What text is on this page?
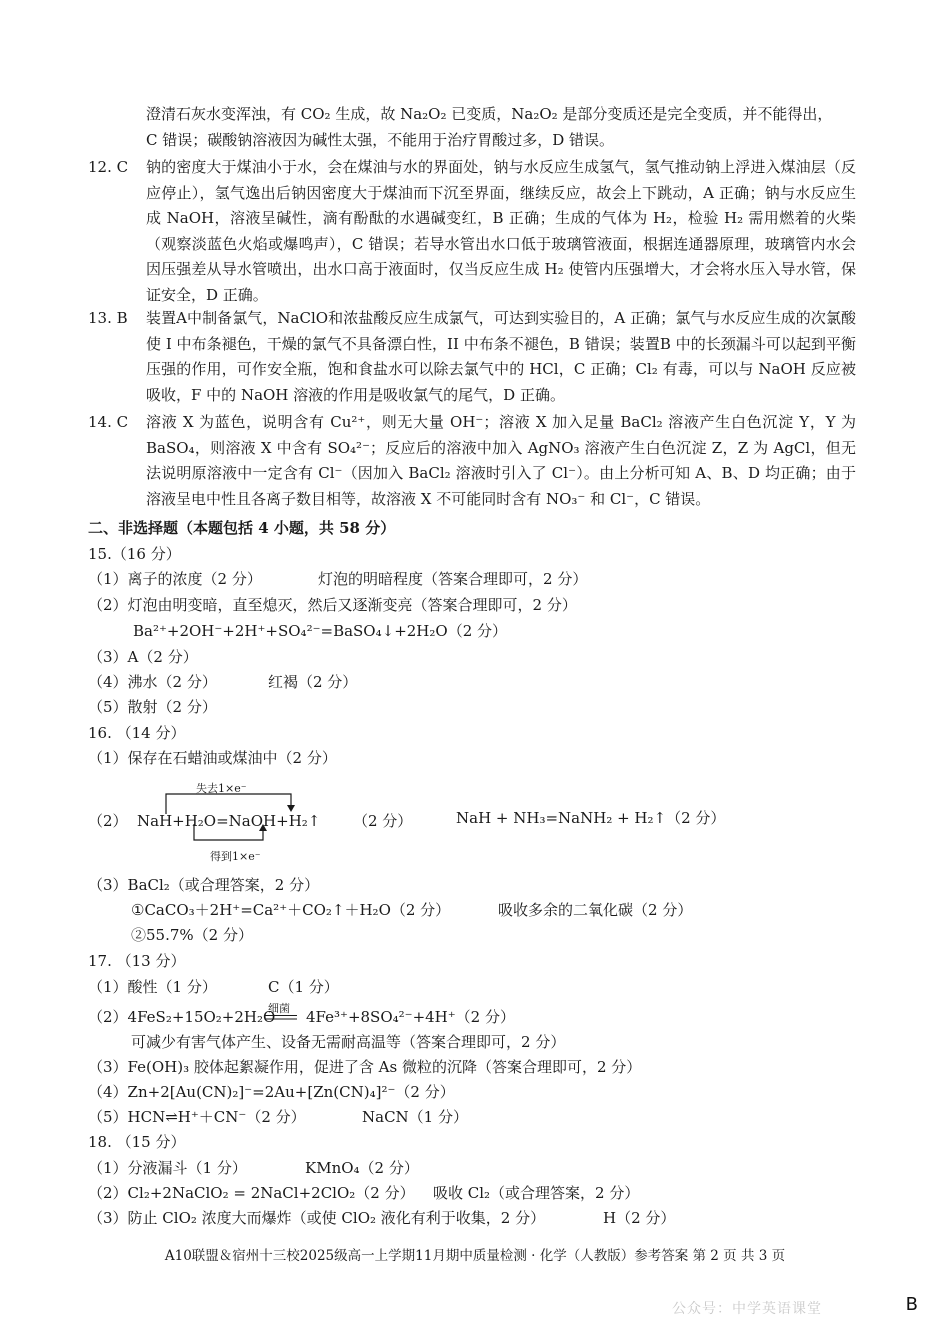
澄清石灰水变浑浊，有 CO₂ 生成，故 Na₂O₂ 已变质，Na₂O₂ 是部分变质还是完全变质，并不能得出，
C 错误；碳酸钠溶液因为碱性太强，不能用于治疗胃酸过多，D 错误。
12. C 钠的密度大于煤油小于水，会在煤油与水的界面处，钠与水反应生成氢气，氢气推动钠上浮进入煤油层（反应停止），氢气逸出后钠因密度大于煤油而下沉至界面，继续反应，故会上下跳动，A 正确；钠与水反应生成 NaOH，溶液呈碱性，滴有酚酞的水遇碱变红，B 正确；生成的气体为 H₂，检验 H₂ 需用燃着的火柴（观察淡蓝色火焰或爆鸣声），C 错误；若导水管出水口低于玻璃管液面，根据连通器原理，玻璃管内水会因压强差从导水管喷出，出水口高于液面时，仅当反应生成 H₂ 使管内压强增大，才会将水压入导水管，保证安全，D 正确。
13. B 装置A中制备氯气，NaClO和浓盐酸反应生成氯气，可达到实验目的，A 正确；氯气与水反应生成的次氯酸使 I 中布条褪色，干燥的氯气不具备漂白性，II 中布条不褪色，B 错误；装置B 中的长颈漏斗可以起到平衡压强的作用，可作安全瓶，饱和食盐水可以除去氯气中的 HCl，C 正确；Cl₂ 有毒，可以与 NaOH 反应被吸收，F 中的 NaOH 溶液的作用是吸收氯气的尾气，D 正确。
14. C 溶液 X 为蓝色，说明含有 Cu²⁺，则无大量 OH⁻；溶液 X 加入足量 BaCl₂ 溶液产生白色沉淀 Y，Y 为 BaSO₄，则溶液 X 中含有 SO₄²⁻；反应后的溶液中加入 AgNO₃ 溶液产生白色沉淀 Z，Z 为 AgCl，但无法说明原溶液中一定含有 Cl⁻（因加入 BaCl₂ 溶液时引入了 Cl⁻）。由上分析可知 A、B、D 均正确；由于溶液呈电中性且各离子数目相等，故溶液 X 不可能同时含有 NO₃⁻ 和 Cl⁻，C 错误。
二、非选择题（本题包括 4 小题，共 58 分）
15.（16 分）
（1）离子的浓度（2 分）	灯泡的明暗程度（答案合理即可，2 分）
（2）灯泡由明变暗，直至熄灭，然后又逐渐变亮（答案合理即可，2 分）
Ba²⁺+2OH⁻+2H⁺+SO₄²⁻=BaSO₄↓+2H₂O（2 分）
（3）A（2 分）
（4）沸水（2 分）	红褐（2 分）
（5）散射（2 分）
16. （14 分）
（1）保存在石蜡油或煤油中（2 分）
失去1×e⁻
（2） NaH+H₂O=NaOH+H₂↑ （2 分）	NaH + NH₃=NaNH₂ + H₂↑（2 分）
得到1×e⁻
（3）BaCl₂（或合理答案，2 分）
①CaCO₃＋2H⁺=Ca²⁺＋CO₂↑＋H₂O（2 分）	吸收多余的二氧化碳（2 分）
②55.7%（2 分）
17. （13 分）
（1）酸性（1 分）	C（1 分）
（2）4FeS₂+15O₂+2H₂O
细菌 4Fe³⁺+8SO₄²⁻+4H⁺（2 分）
可减少有害气体产生、设备无需耐高温等（答案合理即可，2 分）
（3）Fe(OH)₃ 胶体起絮凝作用，促进了含 As 微粒的沉降（答案合理即可，2 分）
（4）Zn+2[Au(CN)₂]⁻=2Au+[Zn(CN)₄]²⁻（2 分）
（5）HCN⇌H⁺＋CN⁻（2 分）	NaCN（1 分）
18. （15 分）
（1）分液漏斗（1 分）	KMnO₄（2 分）
（2）Cl₂+2NaClO₂ = 2NaCl+2ClO₂（2 分） 吸收 Cl₂（或合理答案，2 分）
（3）防止 ClO₂ 浓度大而爆炸（或使 ClO₂ 液化有利于收集，2 分）	H（2 分）
A10联盟＆宿州十三校2025级高一上学期11月期中质量检测 · 化学（人教版）参考答案 第 2 页 共 3 页
公众号：中学英语课堂	B
